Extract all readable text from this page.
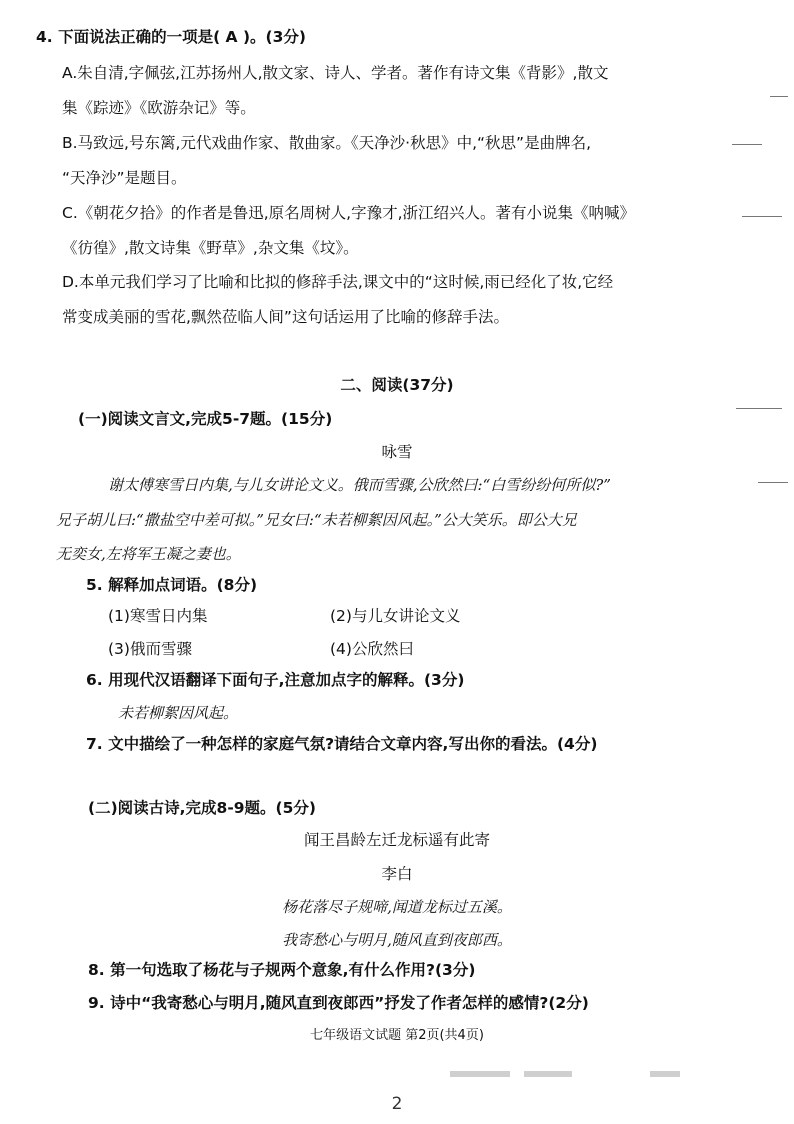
4. 下面说法正确的一项是( A )。(3分)
A.朱自清,字佩弦,江苏扬州人,散文家、诗人、学者。著作有诗文集《背影》,散文
集《踪迹》《欧游杂记》等。
B.马致远,号东篱,元代戏曲作家、散曲家。《天净沙·秋思》中,“秋思”是曲牌名,
“天净沙”是题目。
C.《朝花夕拾》的作者是鲁迅,原名周树人,字豫才,浙江绍兴人。著有小说集《呐喊》
《彷徨》,散文诗集《野草》,杂文集《坟》。
D.本单元我们学习了比喻和比拟的修辞手法,课文中的“这时候,雨已经化了妆,它经
常变成美丽的雪花,飘然莅临人间”这句话运用了比喻的修辞手法。
二、阅读(37分)
(一)阅读文言文,完成5-7题。(15分)
咏雪
谢太傅寒雪日内集,与儿女讲论文义。俄而雪骤,公欣然曰:“白雪纷纷何所似?”
兄子胡儿曰:“撒盐空中差可拟。”兄女曰:“未若柳絮因风起。”公大笑乐。即公大兄
无奕女,左将军王凝之妻也。
5. 解释加点词语。(8分)
(1)寒雪日内集	(2)与儿女讲论文义
(3)俄而雪骤	(4)公欣然曰
6. 用现代汉语翻译下面句子,注意加点字的解释。(3分)
未若柳絮因风起。
7. 文中描绘了一种怎样的家庭气氛?请结合文章内容,写出你的看法。(4分)
(二)阅读古诗,完成8-9题。(5分)
闻王昌龄左迁龙标遥有此寄
李白
杨花落尽子规啼,闻道龙标过五溪。
我寄愁心与明月,随风直到夜郎西。
8. 第一句选取了杨花与子规两个意象,有什么作用?(3分)
9. 诗中“我寄愁心与明月,随风直到夜郎西”抒发了作者怎样的感情?(2分)
七年级语文试题 第2页(共4页)
2
